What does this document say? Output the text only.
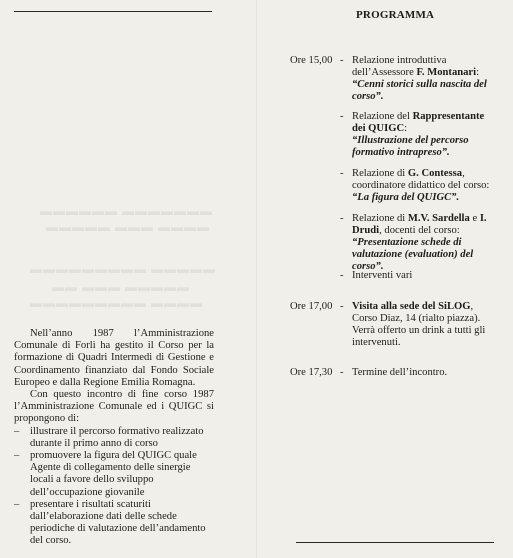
▬▬▬▬▬▬ ▬▬▬▬▬▬▬
▬▬▬▬▬ ▬▬▬ ▬▬▬▬
▬▬▬▬▬▬▬▬▬ ▬▬▬▬▬
▬▬ ▬▬▬ ▬▬▬▬▬
▬▬▬▬▬▬▬▬▬ ▬▬▬▬

Nell’anno 1987 l’Amministrazione Comunale di Forlì ha gestito il Corso per la formazione di Quadri Intermedi di Gestione e Coordinamento finanziato dal Fondo Sociale Europeo e dalla Regione Emilia Romagna.

Con questo incontro di fine corso 1987 l’Amministrazione Comunale ed i QUIGC si propongono di:

– illustrare il percorso formativo realizzato durante il primo anno di corso
– promuovere la figura del QUIGC quale Agente di collegamento delle sinergie locali a favore dello sviluppo dell’occupazione giovanile
– presentare i risultati scaturiti dall’elaborazione dati delle schede periodiche di valutazione dell’andamento del corso.
PROGRAMMA
Ore 15,00 - Relazione introduttiva dell’Assessore F. Montanari:
“Cenni storici sulla nascita del corso”.
- Relazione del Rappresentante dei QUIGC:
“Illustrazione del percorso formativo intrapreso”.
- Relazione di G. Contessa, coordinatore didattico del corso:
“La figura del QUIGC”.
- Relazione di M.V. Sardella e I. Drudi, docenti del corso:
“Presentazione schede di valutazione (evaluation) del corso”.
- Interventi vari
Ore 17,00 - Visita alla sede del SiLOG, Corso Diaz, 14 (rialto piazza). Verrà offerto un drink a tutti gli intervenuti.
Ore 17,30 - Termine dell’incontro.
